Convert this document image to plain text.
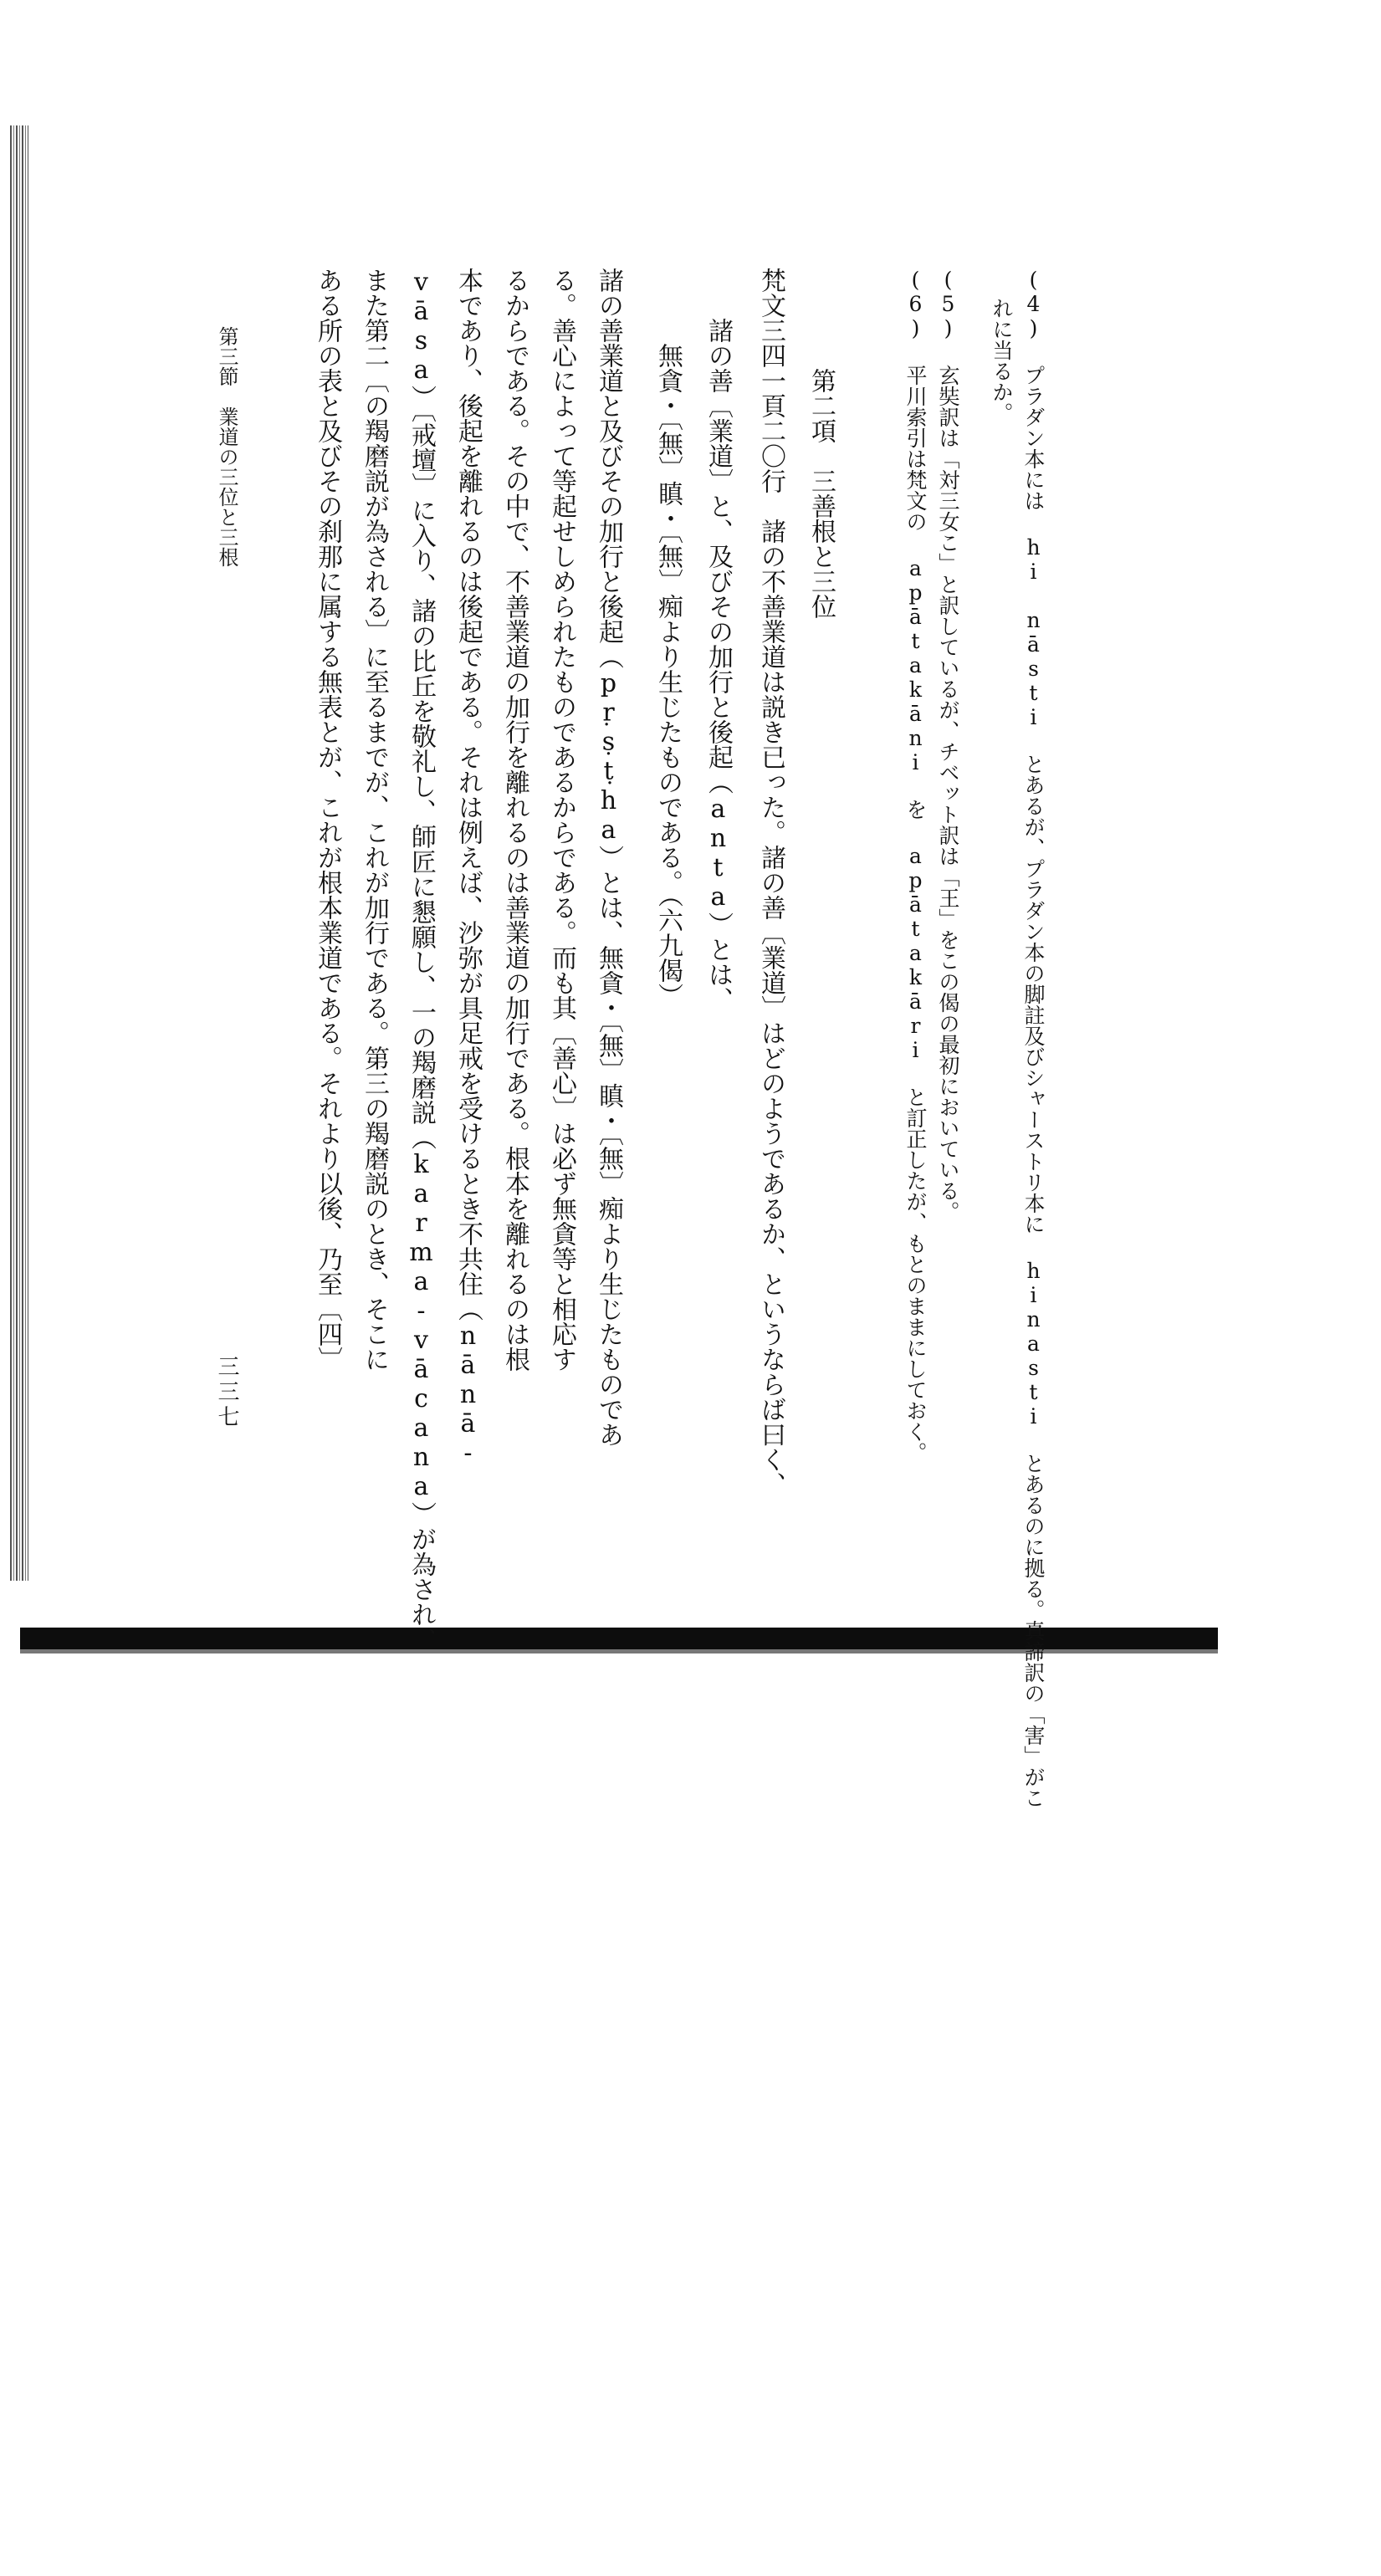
(4) プラダン本には hi nāsti とあるが、プラダン本の脚註及びシャーストリ本に hinasti とあるのに拠る。真諦訳の「害」がこ
れに当るか。
(5) 玄奘訳は「対三女こ」と訳しているが、チベット訳は「王」をこの偈の最初においている。
(6) 平川索引は梵文の apātakāni を apātakāri と訂正したが、もとのままにしておく。
第二項　三善根と三位
梵文三四一頁二〇行　諸の不善業道は説き已った。諸の善〔業道〕はどのようであるか、というならば曰く、
諸の善〔業道〕と、及びその加行と後起（anta）とは、
無貪・〔無〕瞋・〔無〕痴より生じたものである。（六九偈）
諸の善業道と及びその加行と後起（pṛṣṭha）とは、無貪・〔無〕瞋・〔無〕痴より生じたものであ
る。善心によって等起せしめられたものであるからである。而も其〔善心〕は必ず無貪等と相応す
るからである。その中で、不善業道の加行を離れるのは善業道の加行である。根本を離れるのは根
本であり、後起を離れるのは後起である。それは例えば、沙弥が具足戒を受けるとき不共住（nānā-
vāsa）〔戒壇〕に入り、諸の比丘を敬礼し、師匠に懇願し、一の羯磨説（karma-vācana）が為され、
また第二〔の羯磨説が為される〕に至るまでが、これが加行である。第三の羯磨説のとき、そこに
ある所の表と及びその刹那に属する無表とが、これが根本業道である。それより以後、乃至〔四〕
第三節　業道の三位と三根
三三七
